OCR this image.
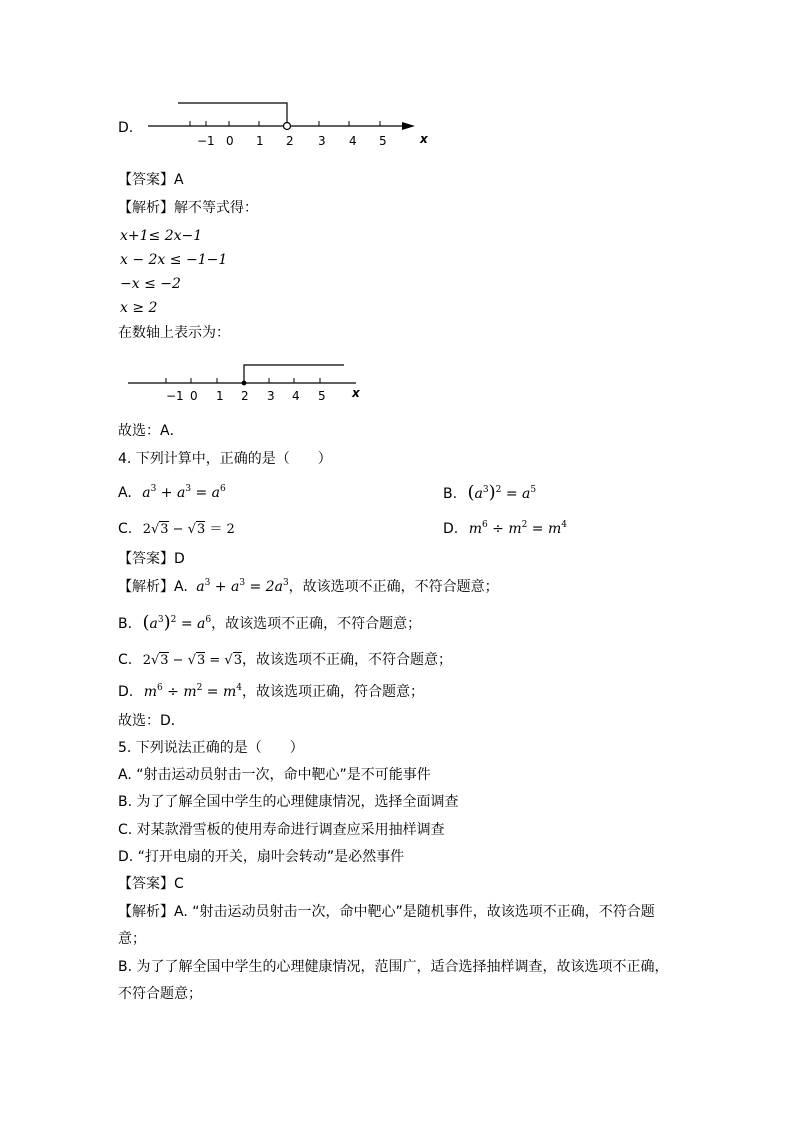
D.
−1 0 1 2 3 4 5	x
【答案】A
【解析】解不等式得：
x+1≤ 2x−1
x − 2x ≤ −1−1
−x ≤ −2
x ≥ 2
在数轴上表示为：
−1 0 1 2 3 4 5 x
故选：A．
4. 下列计算中，正确的是（　　）
A. $a^3 + a^3 = a^6$	B. $(a^3)^2 = a^5$
C. 2√3 − √3 ＝ 2	D. $m^6 \div m^2 = m^4$
【答案】D
【解析】A. $a^3 + a^3 = 2a^3$，故该选项不正确，不符合题意；
B. $(a^3)^2 = a^6$，故该选项不正确，不符合题意；
C. 2√3 − √3 = √3，故该选项不正确，不符合题意；
D. $m^6 \div m^2 = m^4$，故该选项正确，符合题意；
故选：D．
5. 下列说法正确的是（　　）
A. “射击运动员射击一次，命中靶心”是不可能事件
B. 为了了解全国中学生的心理健康情况，选择全面调查
C. 对某款滑雪板的使用寿命进行调查应采用抽样调查
D. “打开电扇的开关，扇叶会转动”是必然事件
【答案】C
【解析】A. “射击运动员射击一次，命中靶心”是随机事件，故该选项不正确，不符合题
意；
B. 为了了解全国中学生的心理健康情况，范围广，适合选择抽样调查，故该选项不正确，
不符合题意；
